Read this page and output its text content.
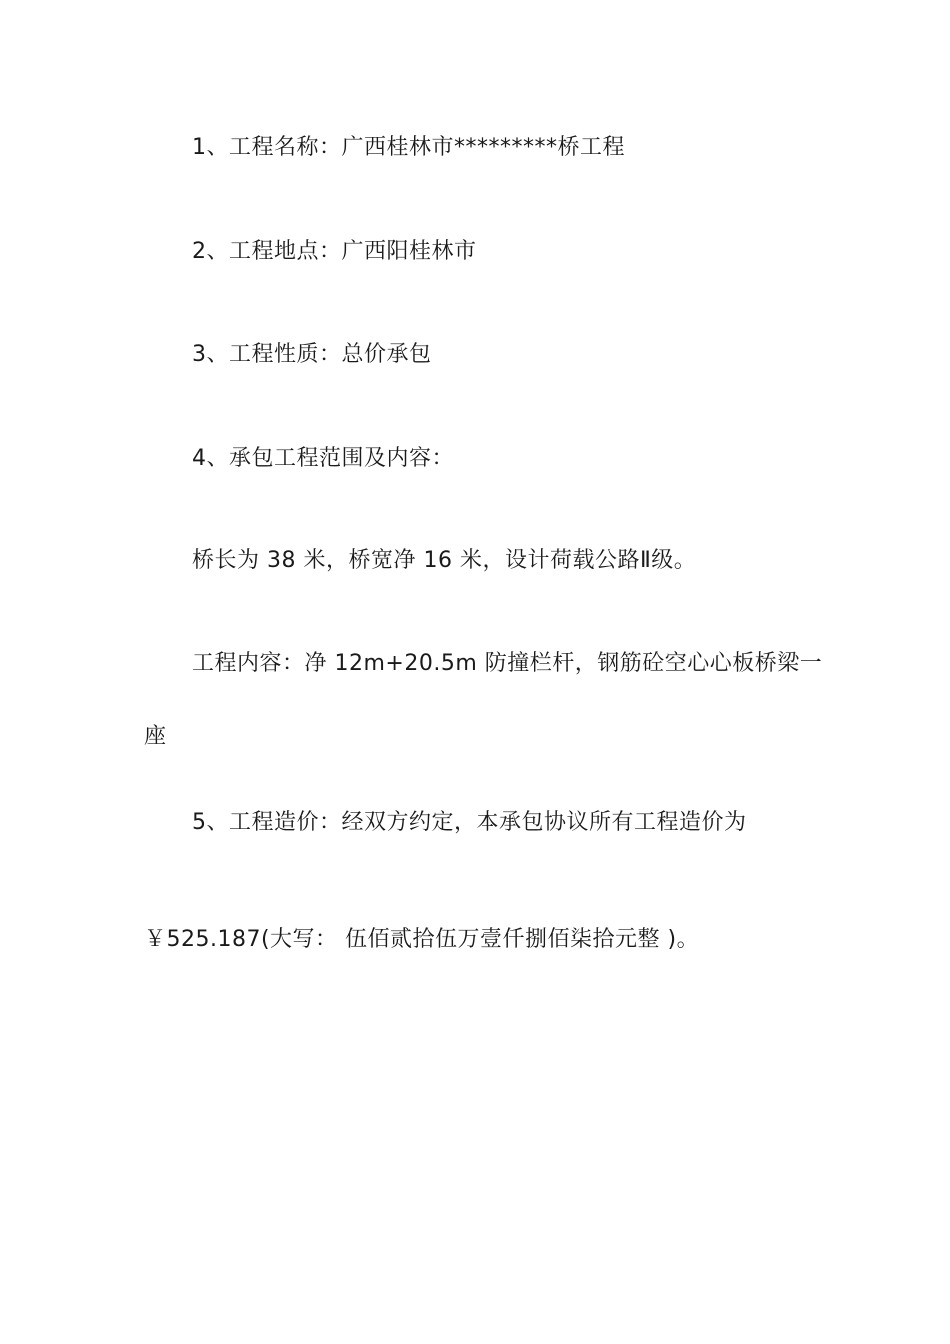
1、工程名称：广西桂林市*********桥工程
2、工程地点：广西阳桂林市
3、工程性质：总价承包
4、承包工程范围及内容：
桥长为 38 米，桥宽净 16 米，设计荷载公路Ⅱ级。
工程内容：净 12m+20.5m 防撞栏杆，钢筋砼空心心板桥梁一
座
5、工程造价：经双方约定，本承包协议所有工程造价为
￥525.187(大写： 伍佰贰拾伍万壹仟捌佰柒拾元整 )。
